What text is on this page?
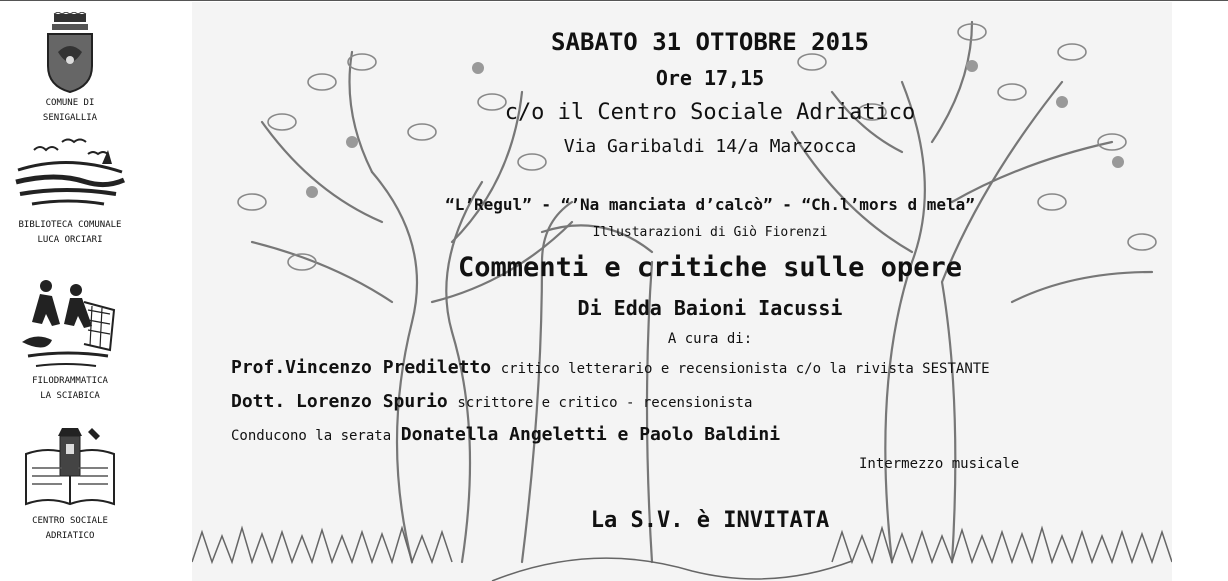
COMUNE DI
SENIGALLIA
BIBLIOTECA COMUNALE
LUCA ORCIARI
FILODRAMMATICA
LA SCIABICA
CENTRO SOCIALE
ADRIATICO
SABATO 31 OTTOBRE 2015
Ore 17,15
c/o il Centro Sociale Adriatico
Via Garibaldi 14/a Marzocca
“L’Regul” - “’Na manciata d’calcò” - “Ch.l’mors d mela”
Illustarazioni di Giò Fiorenzi
Commenti e critiche sulle opere
Di Edda Baioni Iacussi
A cura di:
Prof.Vincenzo Prediletto critico letterario e recensionista c/o la rivista SESTANTE
Dott. Lorenzo Spurio scrittore e critico - recensionista
Conducono la serata Donatella Angeletti e Paolo Baldini
Intermezzo musicale
La S.V. è INVITATA
